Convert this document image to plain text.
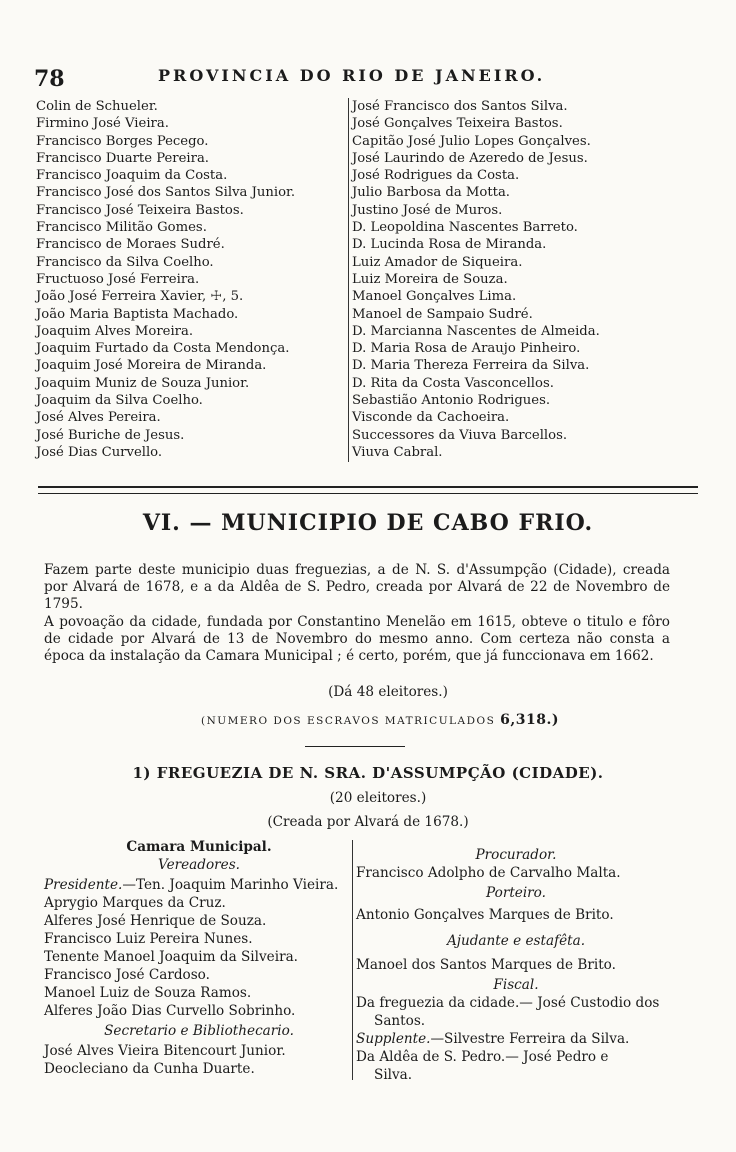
78	PROVINCIA DO RIO DE JANEIRO.
Colin de Schueler.
Firmino José Vieira.
Francisco Borges Pecego.
Francisco Duarte Pereira.
Francisco Joaquim da Costa.
Francisco José dos Santos Silva Junior.
Francisco José Teixeira Bastos.
Francisco Militão Gomes.
Francisco de Moraes Sudré.
Francisco da Silva Coelho.
Fructuoso José Ferreira.
João José Ferreira Xavier, ☩, 5.
João Maria Baptista Machado.
Joaquim Alves Moreira.
Joaquim Furtado da Costa Mendonça.
Joaquim José Moreira de Miranda.
Joaquim Muniz de Souza Junior.
Joaquim da Silva Coelho.
José Alves Pereira.
José Buriche de Jesus.
José Dias Curvello.
José Francisco dos Santos Silva.
José Gonçalves Teixeira Bastos.
Capitão José Julio Lopes Gonçalves.
José Laurindo de Azeredo de Jesus.
José Rodrigues da Costa.
Julio Barbosa da Motta.
Justino José de Muros.
D. Leopoldina Nascentes Barreto.
D. Lucinda Rosa de Miranda.
Luiz Amador de Siqueira.
Luiz Moreira de Souza.
Manoel Gonçalves Lima.
Manoel de Sampaio Sudré.
D. Marcianna Nascentes de Almeida.
D. Maria Rosa de Araujo Pinheiro.
D. Maria Thereza Ferreira da Silva.
D. Rita da Costa Vasconcellos.
Sebastião Antonio Rodrigues.
Visconde da Cachoeira.
Successores da Viuva Barcellos.
Viuva Cabral.
VI. — MUNICIPIO DE CABO FRIO.
Fazem parte deste municipio duas freguezias, a de N. S. d'Assumpção (Cidade), creada por Alvará de 1678, e a da Aldêa de S. Pedro, creada por Alvará de 22 de Novembro de 1795.
A povoação da cidade, fundada por Constantino Menelão em 1615, obteve o titulo e fôro de cidade por Alvará de 13 de Novembro do mesmo anno. Com certeza não consta a época da instalação da Camara Municipal ; é certo, porém, que já funccionava em 1662.
(Dá 48 eleitores.)
(NUMERO DOS ESCRAVOS MATRICULADOS 6,318.)
1) FREGUEZIA DE N. SRA. D'ASSUMPÇÃO (CIDADE).
(20 eleitores.)
(Creada por Alvará de 1678.)
Camara Municipal.
Vereadores.
Presidente.—Ten. Joaquim Marinho Vieira.
Aprygio Marques da Cruz.
Alferes José Henrique de Souza.
Francisco Luiz Pereira Nunes.
Tenente Manoel Joaquim da Silveira.
Francisco José Cardoso.
Manoel Luiz de Souza Ramos.
Alferes João Dias Curvello Sobrinho.
Secretario e Bibliothecario.
José Alves Vieira Bitencourt Junior.
Deocleciano da Cunha Duarte.
Procurador.
Francisco Adolpho de Carvalho Malta.
Porteiro.
Antonio Gonçalves Marques de Brito.
Ajudante e estafêta.
Manoel dos Santos Marques de Brito.
Fiscal.
Da freguezia da cidade.— José Custodio dos
Santos.
Supplente.—Silvestre Ferreira da Silva.
Da Aldêa de S. Pedro.— José Pedro e
Silva.
